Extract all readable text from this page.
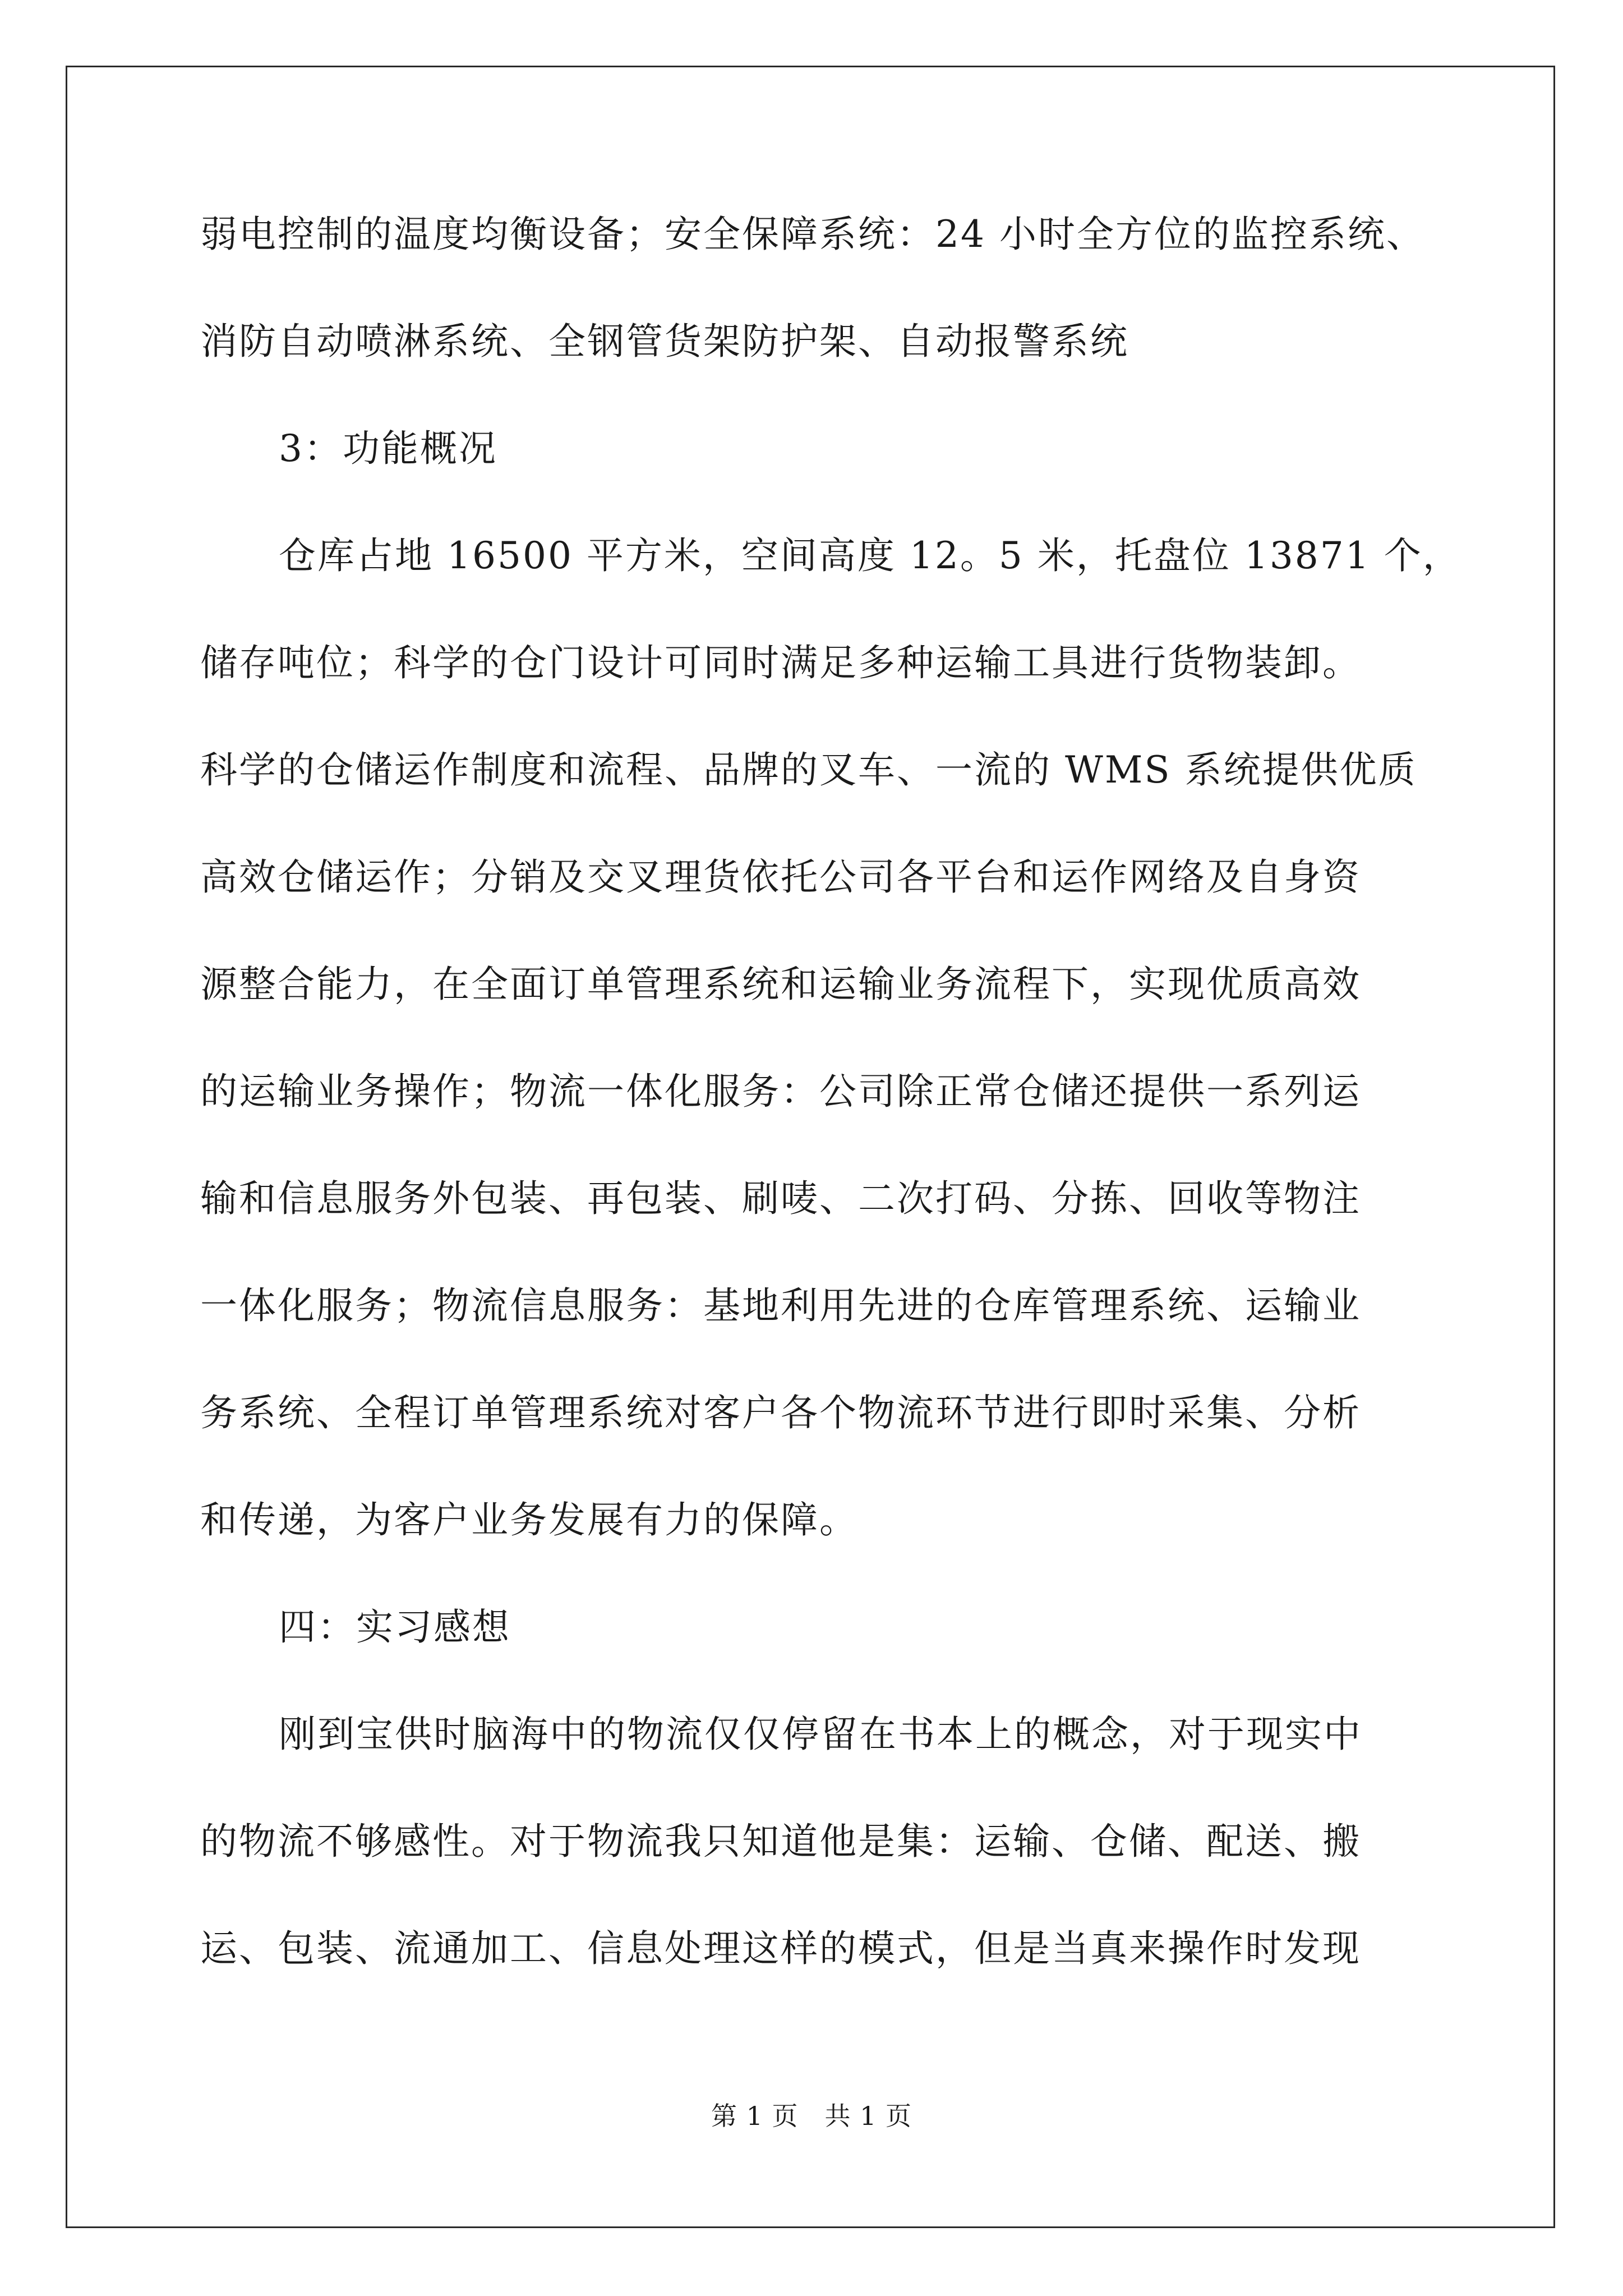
弱电控制的温度均衡设备；安全保障系统：24 小时全方位的监控系统、
消防自动喷淋系统、全钢管货架防护架、自动报警系统
3：功能概况
仓库占地 16500 平方米，空间高度 12。5 米，托盘位 13871 个，
储存吨位；科学的仓门设计可同时满足多种运输工具进行货物装卸。
科学的仓储运作制度和流程、品牌的叉车、一流的 WMS 系统提供优质
高效仓储运作；分销及交叉理货依托公司各平台和运作网络及自身资
源整合能力，在全面订单管理系统和运输业务流程下，实现优质高效
的运输业务操作；物流一体化服务：公司除正常仓储还提供一系列运
输和信息服务外包装、再包装、刷唛、二次打码、分拣、回收等物注
一体化服务；物流信息服务：基地利用先进的仓库管理系统、运输业
务系统、全程订单管理系统对客户各个物流环节进行即时采集、分析
和传递，为客户业务发展有力的保障。
四：实习感想
刚到宝供时脑海中的物流仅仅停留在书本上的概念，对于现实中
的物流不够感性。对于物流我只知道他是集：运输、仓储、配送、搬
运、包装、流通加工、信息处理这样的模式，但是当真来操作时发现
第 1 页　共 1 页
